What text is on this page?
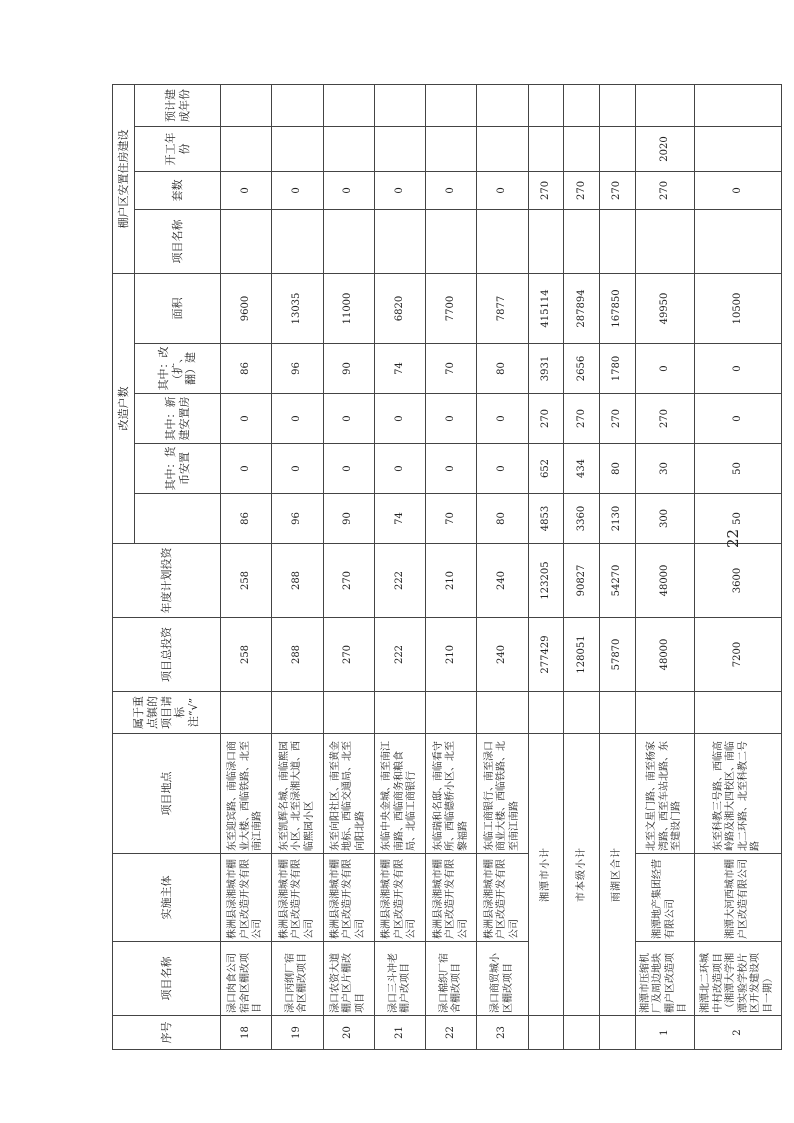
序号	项目名称	实施主体	项目地点	属于重点镇的项目请标注“√”	项目总投资	年度计划投资	改造户数					棚户区安置住房建设			
								其中：货币安置	其中：新建安置房	其中：改（扩、翻）建	面积	项目名称	套数	开工年份	预计建成年份
18	渌口肉食公司宿舍区棚改项目	株洲县渌湘城市棚户区改造开发有限公司	东至迎宾路、南临渌口商业大楼、西临铁路、北至南江南路		258	258	86	0	0	86	9600		0		
19	渌口丙纲厂宿舍区棚改项目	株洲县渌湘城市棚户区改造开发有限公司	东至凯辉名城、南临熙园小区、北至渌湘大道、西临熙园小区		288	288	96	0	0	96	13035		0		
20	渌口农资大道棚户区片棚改项目	株洲县渌湘城市棚户区改造开发有限公司	东至向阳社区、南至黄金地标、西临交通局、北至向阳北路		270	270	90	0	0	90	11000		0		
21	渌口三斗冲老棚户改项目	株洲县渌湘城市棚户区改造开发有限公司	东临中央金城、南至南江南路、西临商务和粮食局、北临工商银行		222	222	74	0	0	74	6820		0		
22	渌口棉织厂宿舍棚改项目	株洲县渌湘城市棚户区改造开发有限公司	东临瑞和名邸、南临看守所、西临德桥小区、北至黎福路		210	210	70	0	0	70	7700		0		
23	渌口商贸城小区棚改项目	株洲县渌湘城市棚户区改造开发有限公司	东临工商银行、南至渌口商业大楼、西临铁路、北至南江南路		240	240	80	0	0	80	7877		0		
	湘潭市小计				277429	123205	4853	652	270	3931	415114		270		
	市本级小计				128051	90827	3360	434	270	2656	287894		270		
	雨湖区合计				57870	54270	2130	80	270	1780	167850		270		
1	湘潭市压缩机厂及周边地块棚户区改造项目	湘潭地产集团经营有限公司	北至文星门路、南至杨家湾路、西至车站北路、东至建设门路		48000	48000	300	30	270	0	49950		270	2020	
2	湘潭北二环城中村改造项目（湘潭大学湘潭实验学校片区开发建设项目一期）	湘潭大河西城市棚户区改造有限公司	东至科教三号路、西临高岭路及湘大四校区、南临北二环路、北至科教二号路		7200	3600	50	50	0	0	10500		0		
22
